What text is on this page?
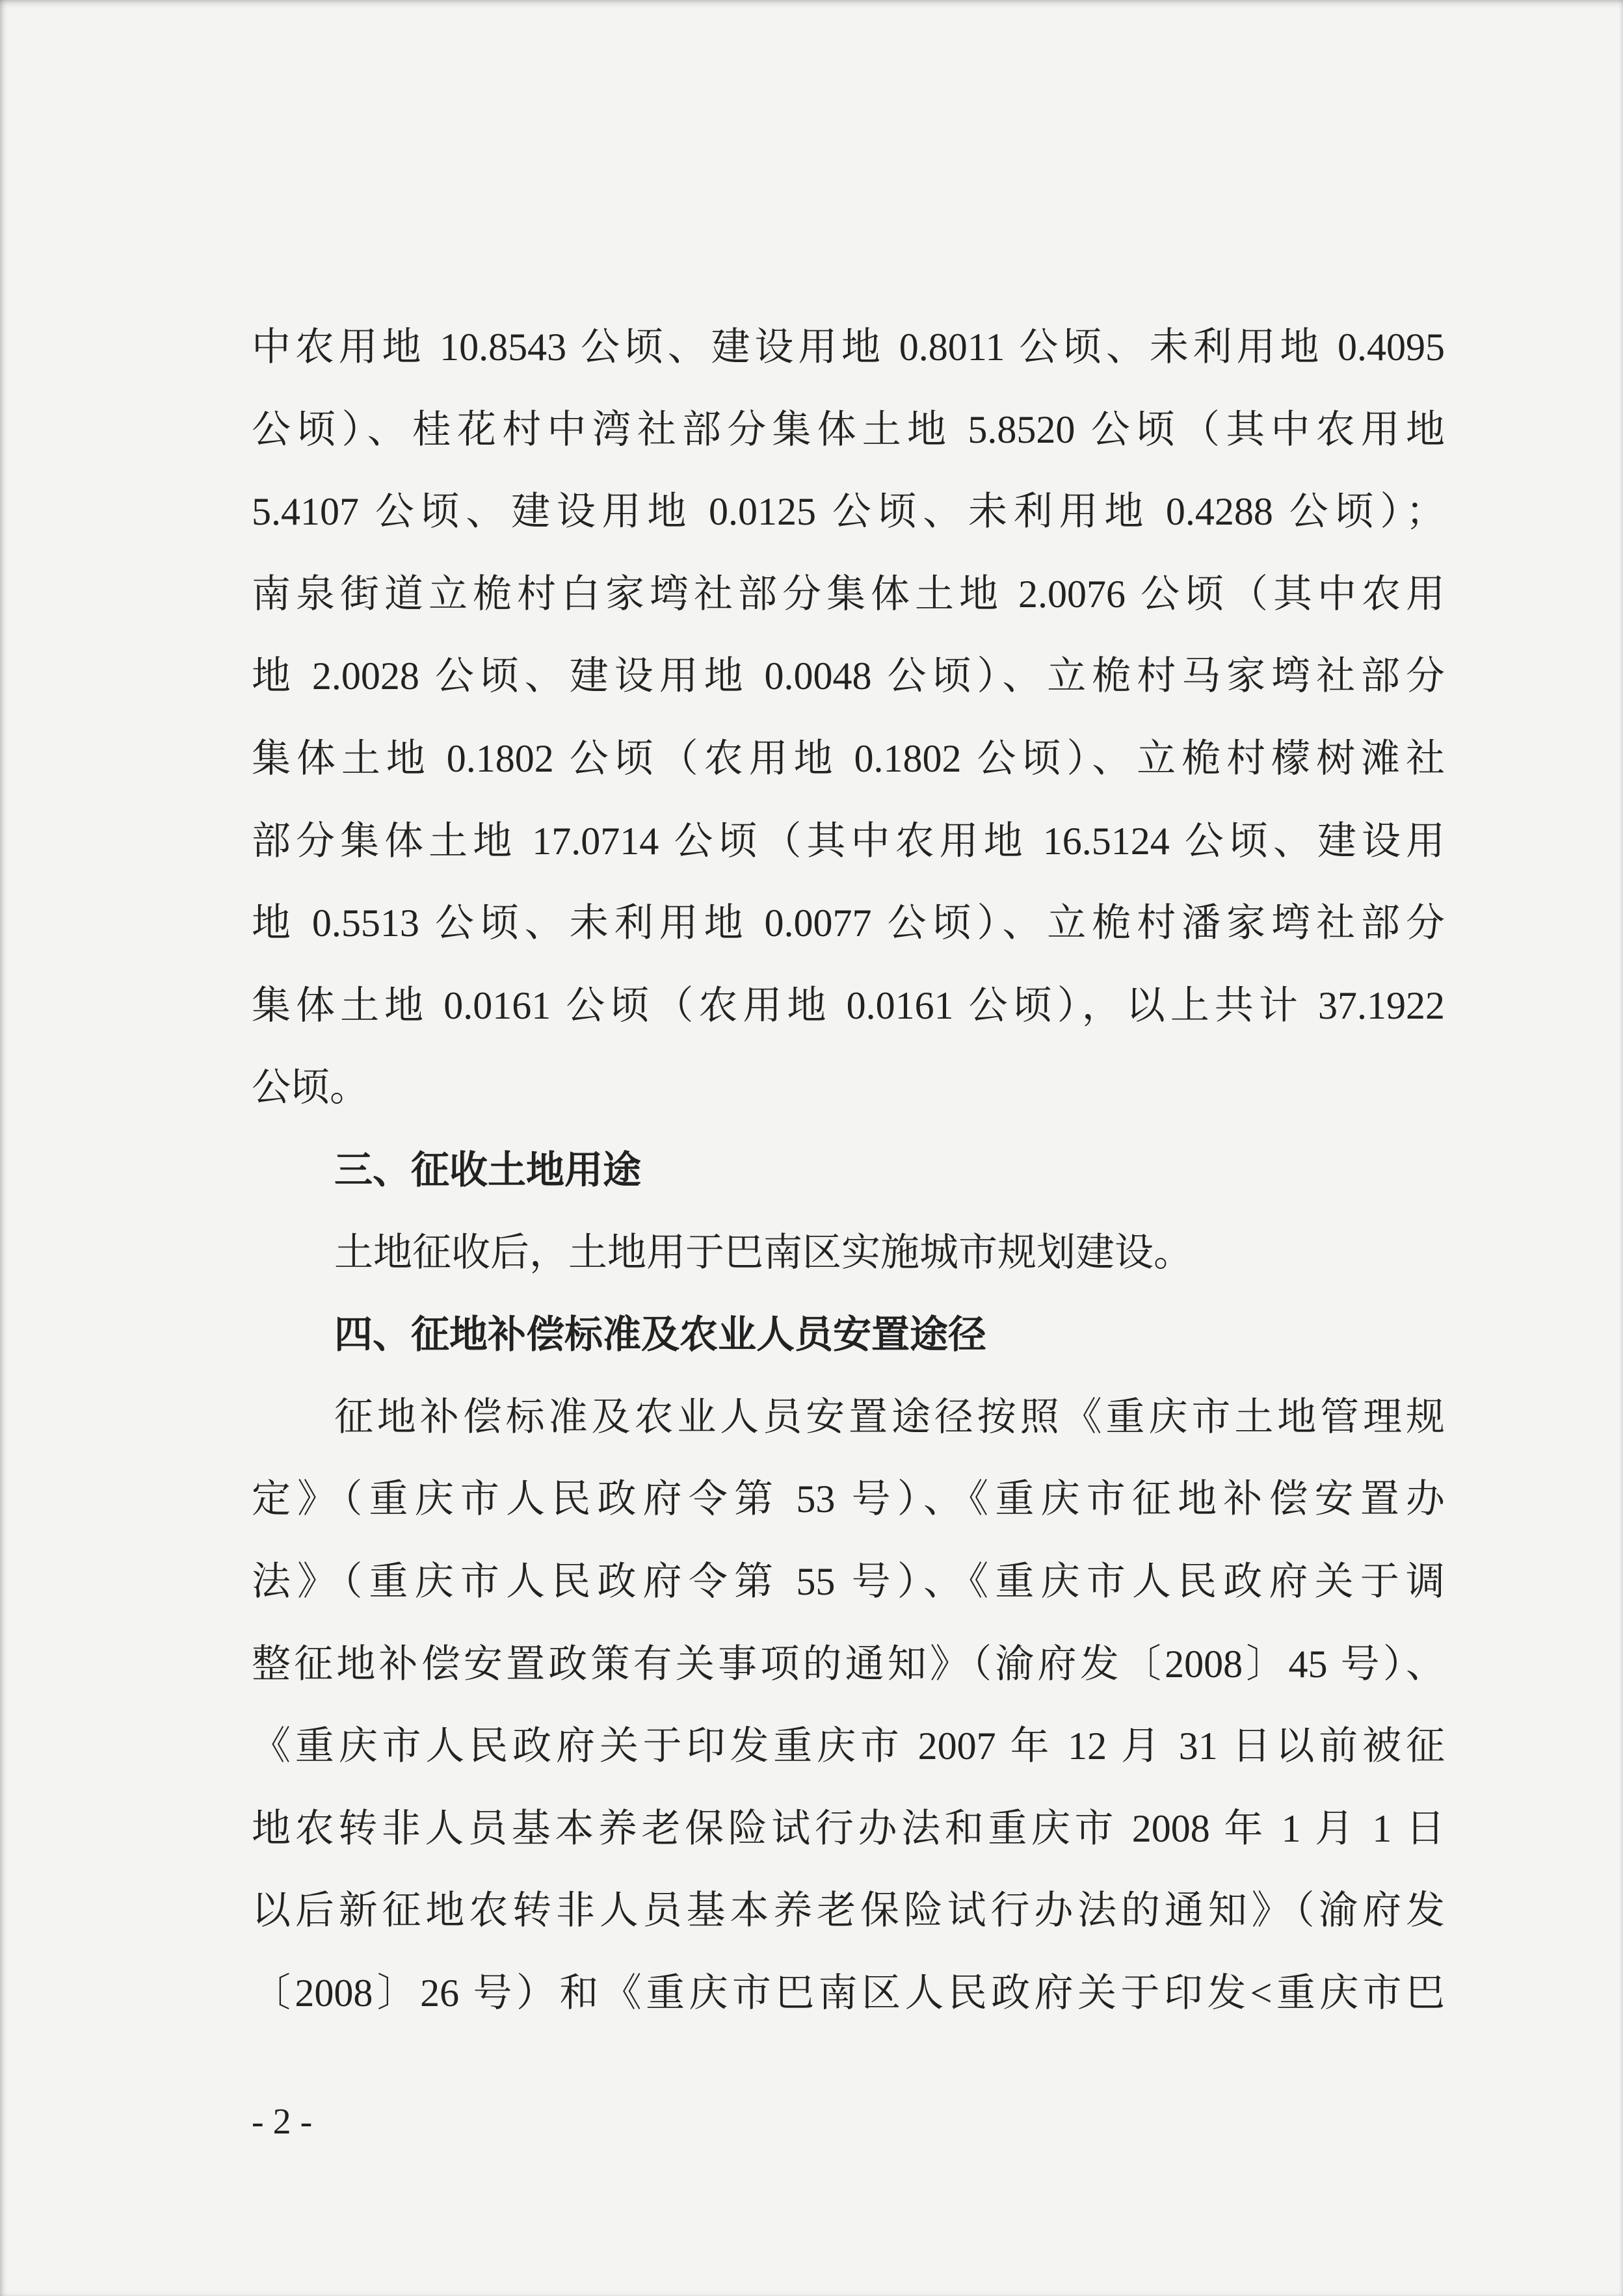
中农用地 10.8543 公顷、建设用地 0.8011 公顷、未利用地 0.4095
公顷）、桂花村中湾社部分集体土地 5.8520 公顷（其中农用地
5.4107 公顷、建设用地 0.0125 公顷、未利用地 0.4288 公顷）；
南泉街道立桅村白家塆社部分集体土地 2.0076 公顷（其中农用
地 2.0028 公顷、建设用地 0.0048 公顷）、立桅村马家塆社部分
集体土地 0.1802 公顷（农用地 0.1802 公顷）、立桅村檬树滩社
部分集体土地 17.0714 公顷（其中农用地 16.5124 公顷、建设用
地 0.5513 公顷、未利用地 0.0077 公顷）、立桅村潘家塆社部分
集体土地 0.0161 公顷（农用地 0.0161 公顷），以上共计 37.1922
公顷。
三、征收土地用途
土地征收后，土地用于巴南区实施城市规划建设。
四、征地补偿标准及农业人员安置途径
征地补偿标准及农业人员安置途径按照《重庆市土地管理规
定》（重庆市人民政府令第 53 号）、《重庆市征地补偿安置办
法》（重庆市人民政府令第 55 号）、《重庆市人民政府关于调
整征地补偿安置政策有关事项的通知》（渝府发〔2008〕45 号）、
《重庆市人民政府关于印发重庆市 2007 年 12 月 31 日以前被征
地农转非人员基本养老保险试行办法和重庆市 2008 年 1 月 1 日
以后新征地农转非人员基本养老保险试行办法的通知》（渝府发
〔2008〕26 号）和《重庆市巴南区人民政府关于印发<重庆市巴
- 2 -
